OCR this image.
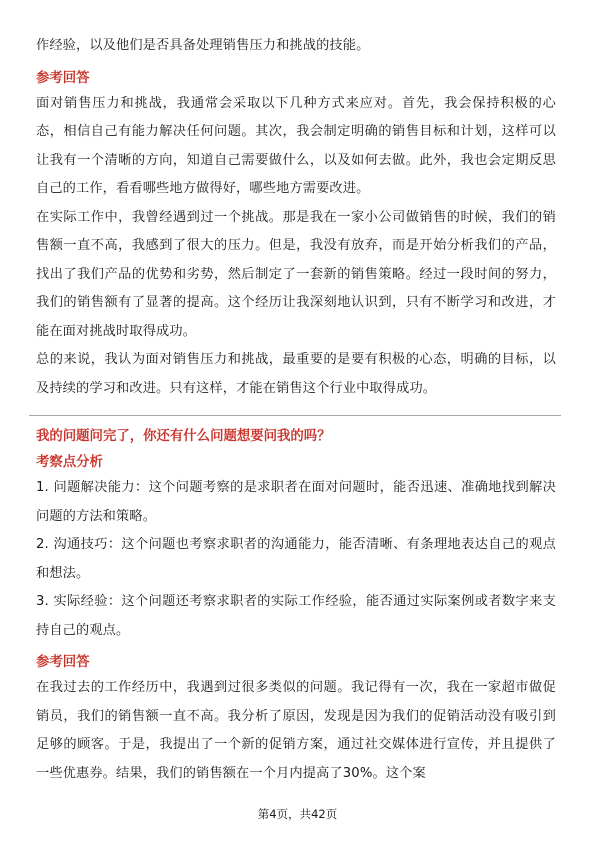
作经验，以及他们是否具备处理销售压力和挑战的技能。

参考回答

面对销售压力和挑战，我通常会采取以下几种方式来应对。首先，我会保持积极的心态，相信自己有能力解决任何问题。其次，我会制定明确的销售目标和计划，这样可以让我有一个清晰的方向，知道自己需要做什么，以及如何去做。此外，我也会定期反思自己的工作，看看哪些地方做得好，哪些地方需要改进。

在实际工作中，我曾经遇到过一个挑战。那是我在一家小公司做销售的时候，我们的销售额一直不高，我感到了很大的压力。但是，我没有放弃，而是开始分析我们的产品，找出了我们产品的优势和劣势，然后制定了一套新的销售策略。经过一段时间的努力，我们的销售额有了显著的提高。这个经历让我深刻地认识到，只有不断学习和改进，才能在面对挑战时取得成功。

总的来说，我认为面对销售压力和挑战，最重要的是要有积极的心态，明确的目标，以及持续的学习和改进。只有这样，才能在销售这个行业中取得成功。

我的问题问完了，你还有什么问题想要问我的吗？

考察点分析

1. 问题解决能力：这个问题考察的是求职者在面对问题时，能否迅速、准确地找到解决问题的方法和策略。

2. 沟通技巧：这个问题也考察求职者的沟通能力，能否清晰、有条理地表达自己的观点和想法。

3. 实际经验：这个问题还考察求职者的实际工作经验，能否通过实际案例或者数字来支持自己的观点。

参考回答

在我过去的工作经历中，我遇到过很多类似的问题。我记得有一次，我在一家超市做促销员，我们的销售额一直不高。我分析了原因，发现是因为我们的促销活动没有吸引到足够的顾客。于是，我提出了一个新的促销方案，通过社交媒体进行宣传，并且提供了一些优惠券。结果，我们的销售额在一个月内提高了30%。这个案

第4页，共42页
